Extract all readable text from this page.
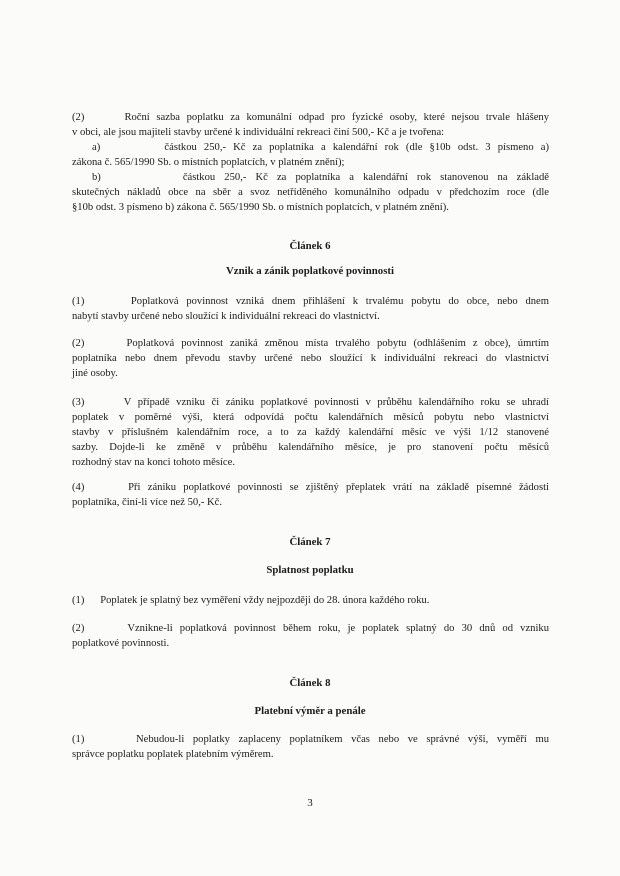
(2)      Roční sazba poplatku za komunální odpad pro fyzické osoby, které nejsou trvale hlášeny
v obci, ale jsou majiteli stavby určené k individuální rekreaci činí 500,- Kč a je tvořena:
a)         částkou 250,- Kč za poplatníka a kalendářní rok (dle §10b odst. 3 písmeno a)
zákona č. 565/1990 Sb. o místních poplatcích, v platném znění);
b)         částkou 250,- Kč za poplatníka a kalendářní rok stanovenou na základě
skutečných nákladů obce na sběr a svoz netříděného komunálního odpadu v předchozím roce (dle
§10b odst. 3 písmeno b) zákona č. 565/1990 Sb. o místních poplatcích, v platném znění).
Článek 6
Vznik a zánik poplatkové povinnosti
(1)      Poplatková povinnost vzniká dnem přihlášení k trvalému pobytu do obce, nebo dnem
nabytí stavby určené nebo sloužící k individuální rekreaci do vlastnictví.
(2)      Poplatková povinnost zaniká změnou místa trvalého pobytu (odhlášením z obce), úmrtím
poplatníka nebo dnem převodu stavby určené nebo sloužící k individuální rekreaci do vlastnictví
jiné osoby.
(3)      V případě vzniku či zániku poplatkové povinnosti v průběhu kalendářního roku se uhradí
poplatek v poměrné výši, která odpovídá počtu kalendářních měsíců pobytu nebo vlastnictví
stavby v příslušném kalendářním roce, a to za každý kalendářní měsíc ve výši 1/12 stanovené
sazby. Dojde-li ke změně v průběhu kalendářního měsíce, je pro stanovení počtu měsíců
rozhodný stav na konci tohoto měsíce.
(4)      Při zániku poplatkové povinnosti se zjištěný přeplatek vrátí na základě písemné žádosti
poplatníka, činí-li více než 50,- Kč.
Článek 7
Splatnost poplatku
(1)      Poplatek je splatný bez vyměření vždy nejpozději do 28. února každého roku.
(2)      Vznikne-li poplatková povinnost během roku, je poplatek splatný do 30 dnů od vzniku
poplatkové povinnosti.
Článek 8
Platební výměr a penále
(1)      Nebudou-li poplatky zaplaceny poplatníkem včas nebo ve správné výši, vyměří mu
správce poplatku poplatek platebním výměrem.
3
